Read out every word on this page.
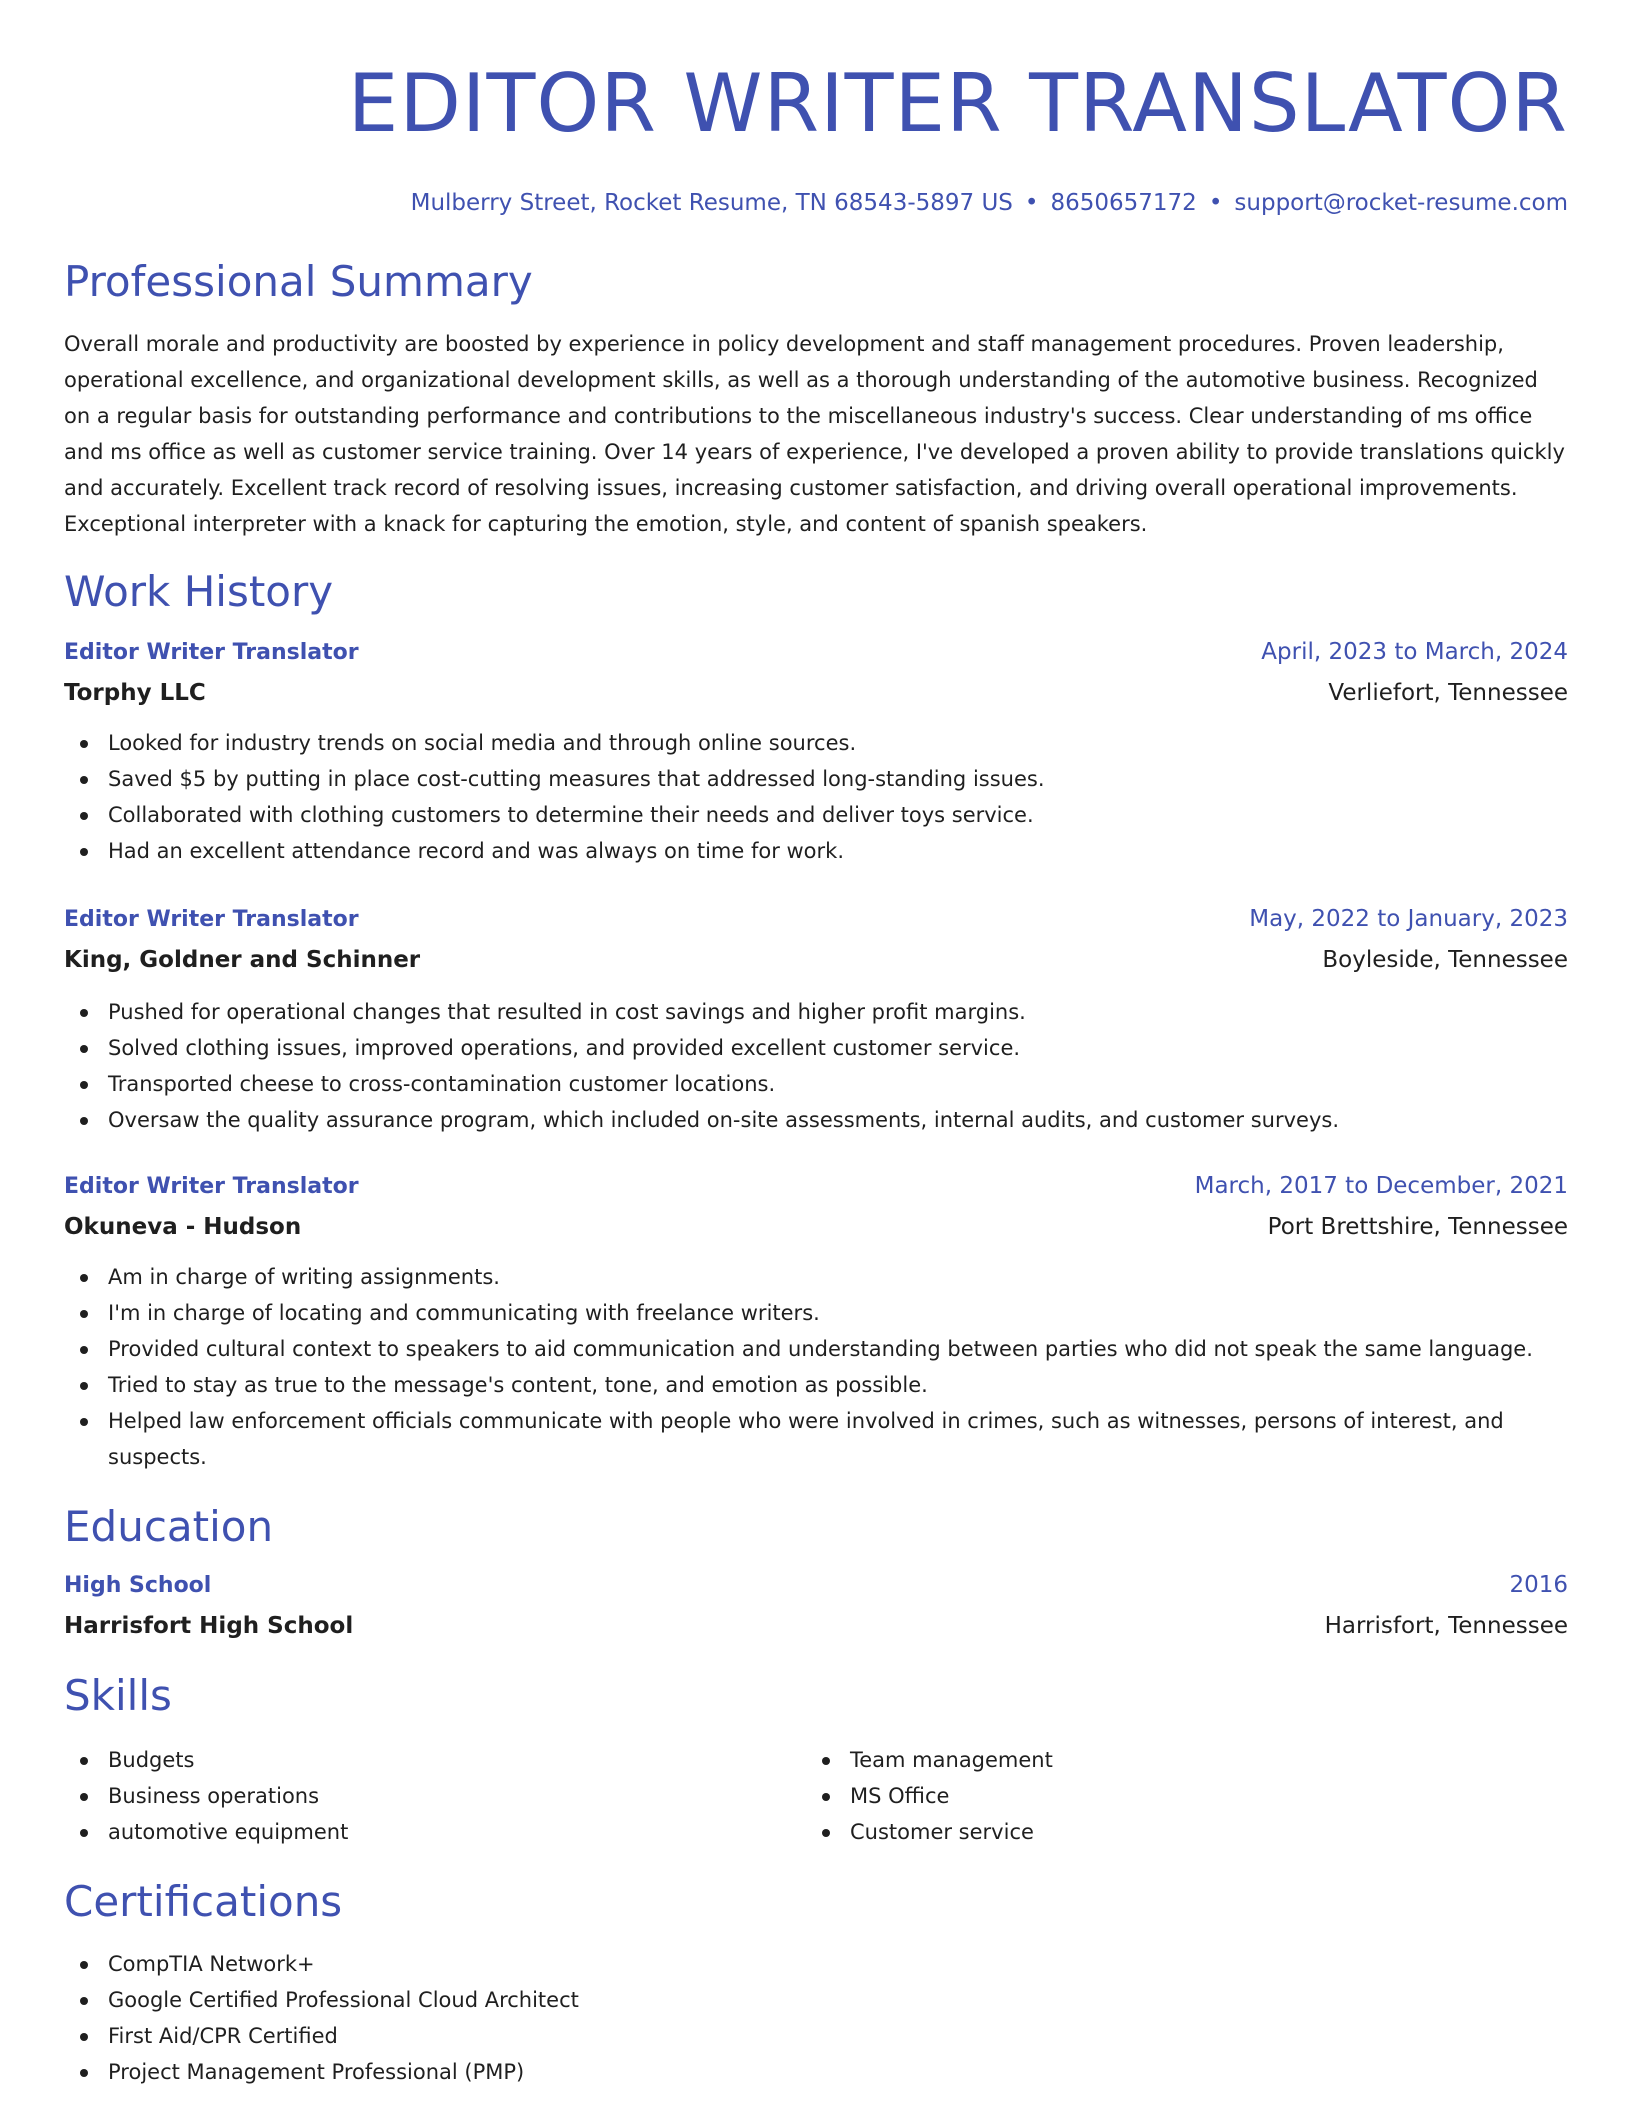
EDITOR WRITER TRANSLATOR
Mulberry Street, Rocket Resume, TN 68543-5897 US • 8650657172 • support@rocket-resume.com
Professional Summary
Overall morale and productivity are boosted by experience in policy development and staff management procedures. Proven leadership, operational excellence, and organizational development skills, as well as a thorough understanding of the automotive business. Recognized on a regular basis for outstanding performance and contributions to the miscellaneous industry's success. Clear understanding of ms office and ms office as well as customer service training. Over 14 years of experience, I've developed a proven ability to provide translations quickly and accurately. Excellent track record of resolving issues, increasing customer satisfaction, and driving overall operational improvements. Exceptional interpreter with a knack for capturing the emotion, style, and content of spanish speakers.
Work History
Editor Writer Translator	April, 2023 to March, 2024
Torphy LLC	Verliefort, Tennessee
Looked for industry trends on social media and through online sources.
Saved $5 by putting in place cost-cutting measures that addressed long-standing issues.
Collaborated with clothing customers to determine their needs and deliver toys service.
Had an excellent attendance record and was always on time for work.
Editor Writer Translator	May, 2022 to January, 2023
King, Goldner and Schinner	Boyleside, Tennessee
Pushed for operational changes that resulted in cost savings and higher profit margins.
Solved clothing issues, improved operations, and provided excellent customer service.
Transported cheese to cross-contamination customer locations.
Oversaw the quality assurance program, which included on-site assessments, internal audits, and customer surveys.
Editor Writer Translator	March, 2017 to December, 2021
Okuneva - Hudson	Port Brettshire, Tennessee
Am in charge of writing assignments.
I'm in charge of locating and communicating with freelance writers.
Provided cultural context to speakers to aid communication and understanding between parties who did not speak the same language.
Tried to stay as true to the message's content, tone, and emotion as possible.
Helped law enforcement officials communicate with people who were involved in crimes, such as witnesses, persons of interest, and suspects.
Education
High School	2016
Harrisfort High School	Harrisfort, Tennessee
Skills
Budgets
Business operations
automotive equipment
Team management
MS Office
Customer service
Certifications
CompTIA Network+
Google Certified Professional Cloud Architect
First Aid/CPR Certified
Project Management Professional (PMP)
